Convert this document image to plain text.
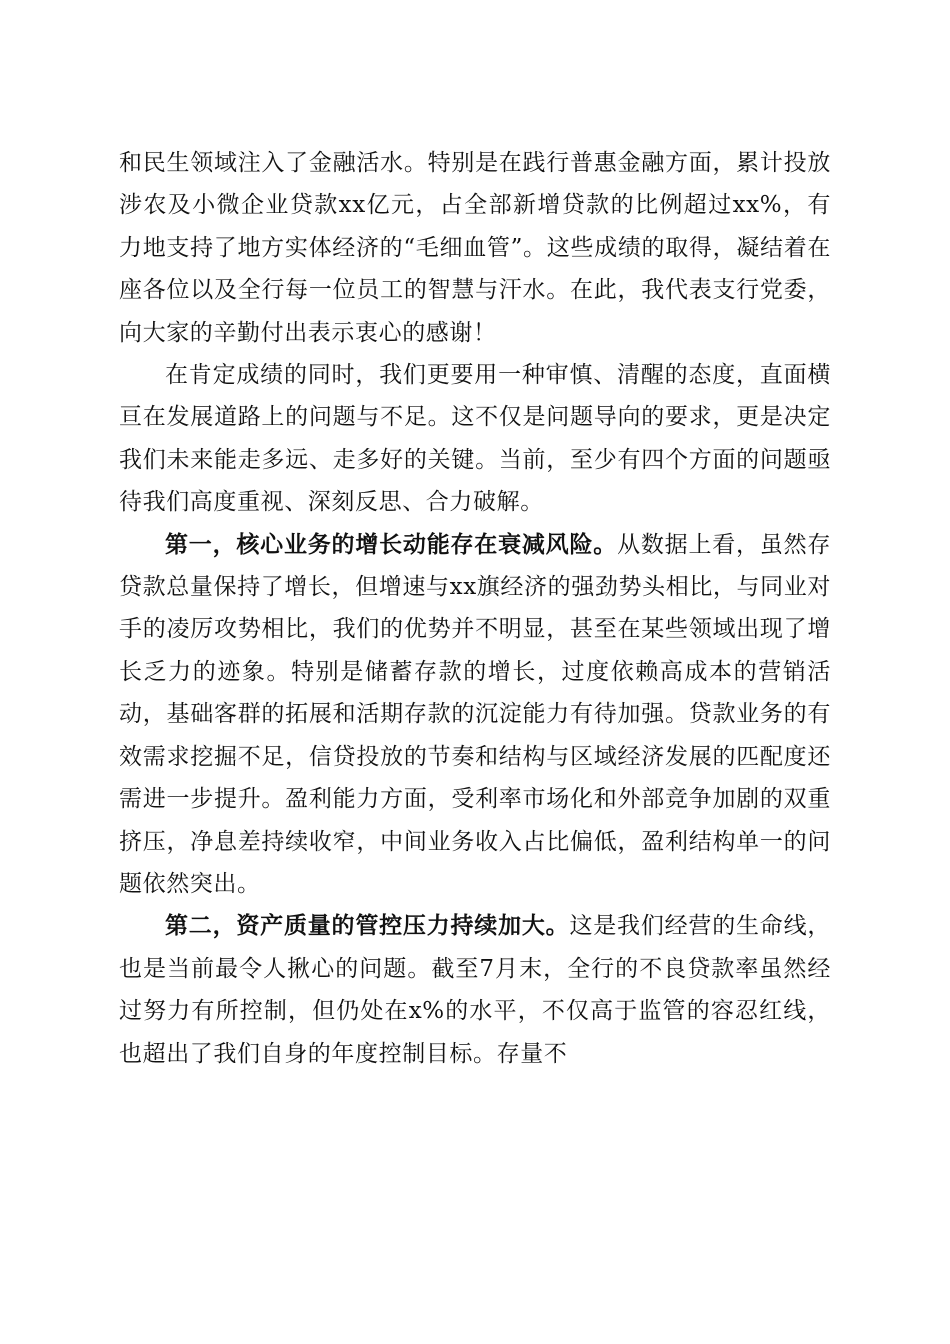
和民生领域注入了金融活水。特别是在践行普惠金融方面，累计投放涉农及小微企业贷款xx亿元，占全部新增贷款的比例超过xx%，有力地支持了地方实体经济的“毛细血管”。这些成绩的取得，凝结着在座各位以及全行每一位员工的智慧与汗水。在此，我代表支行党委，向大家的辛勤付出表示衷心的感谢！

在肯定成绩的同时，我们更要用一种审慎、清醒的态度，直面横亘在发展道路上的问题与不足。这不仅是问题导向的要求，更是决定我们未来能走多远、走多好的关键。当前，至少有四个方面的问题亟待我们高度重视、深刻反思、合力破解。

第一，核心业务的增长动能存在衰减风险。从数据上看，虽然存贷款总量保持了增长，但增速与xx旗经济的强劲势头相比，与同业对手的凌厉攻势相比，我们的优势并不明显，甚至在某些领域出现了增长乏力的迹象。特别是储蓄存款的增长，过度依赖高成本的营销活动，基础客群的拓展和活期存款的沉淀能力有待加强。贷款业务的有效需求挖掘不足，信贷投放的节奏和结构与区域经济发展的匹配度还需进一步提升。盈利能力方面，受利率市场化和外部竞争加剧的双重挤压，净息差持续收窄，中间业务收入占比偏低，盈利结构单一的问题依然突出。

第二，资产质量的管控压力持续加大。这是我们经营的生命线，也是当前最令人揪心的问题。截至7月末，全行的不良贷款率虽然经过努力有所控制，但仍处在x%的水平，不仅高于监管的容忍红线，也超出了我们自身的年度控制目标。存量不
